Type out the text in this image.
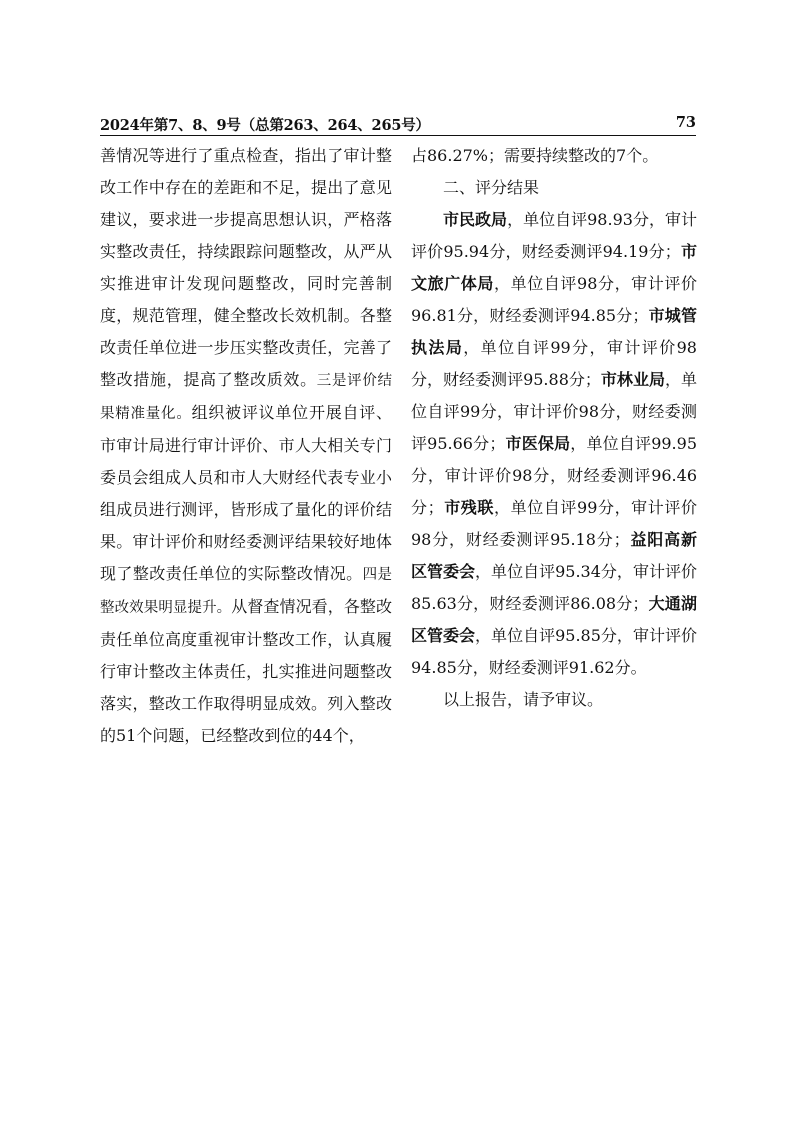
2024年第7、8、9号（总第263、264、265号）	73

善情况等进行了重点检查，指出了审计整改工作中存在的差距和不足，提出了意见建议，要求进一步提高思想认识，严格落实整改责任，持续跟踪问题整改，从严从实推进审计发现问题整改，同时完善制度，规范管理，健全整改长效机制。各整改责任单位进一步压实整改责任，完善了整改措施，提高了整改质效。三是评价结果精准量化。组织被评议单位开展自评、市审计局进行审计评价、市人大相关专门委员会组成人员和市人大财经代表专业小组成员进行测评，皆形成了量化的评价结果。审计评价和财经委测评结果较好地体现了整改责任单位的实际整改情况。四是整改效果明显提升。从督查情况看，各整改责任单位高度重视审计整改工作，认真履行审计整改主体责任，扎实推进问题整改落实，整改工作取得明显成效。列入整改的51个问题，已经整改到位的44个，

占86.27%；需要持续整改的7个。

二、评分结果

市民政局，单位自评98.93分，审计评价95.94分，财经委测评94.19分；市文旅广体局，单位自评98分，审计评价96.81分，财经委测评94.85分；市城管执法局，单位自评99分，审计评价98分，财经委测评95.88分；市林业局，单位自评99分，审计评价98分，财经委测评95.66分；市医保局，单位自评99.95分，审计评价98分，财经委测评96.46分；市残联，单位自评99分，审计评价98分，财经委测评95.18分；益阳高新区管委会，单位自评95.34分，审计评价85.63分，财经委测评86.08分；大通湖区管委会，单位自评95.85分，审计评价94.85分，财经委测评91.62分。

以上报告，请予审议。
